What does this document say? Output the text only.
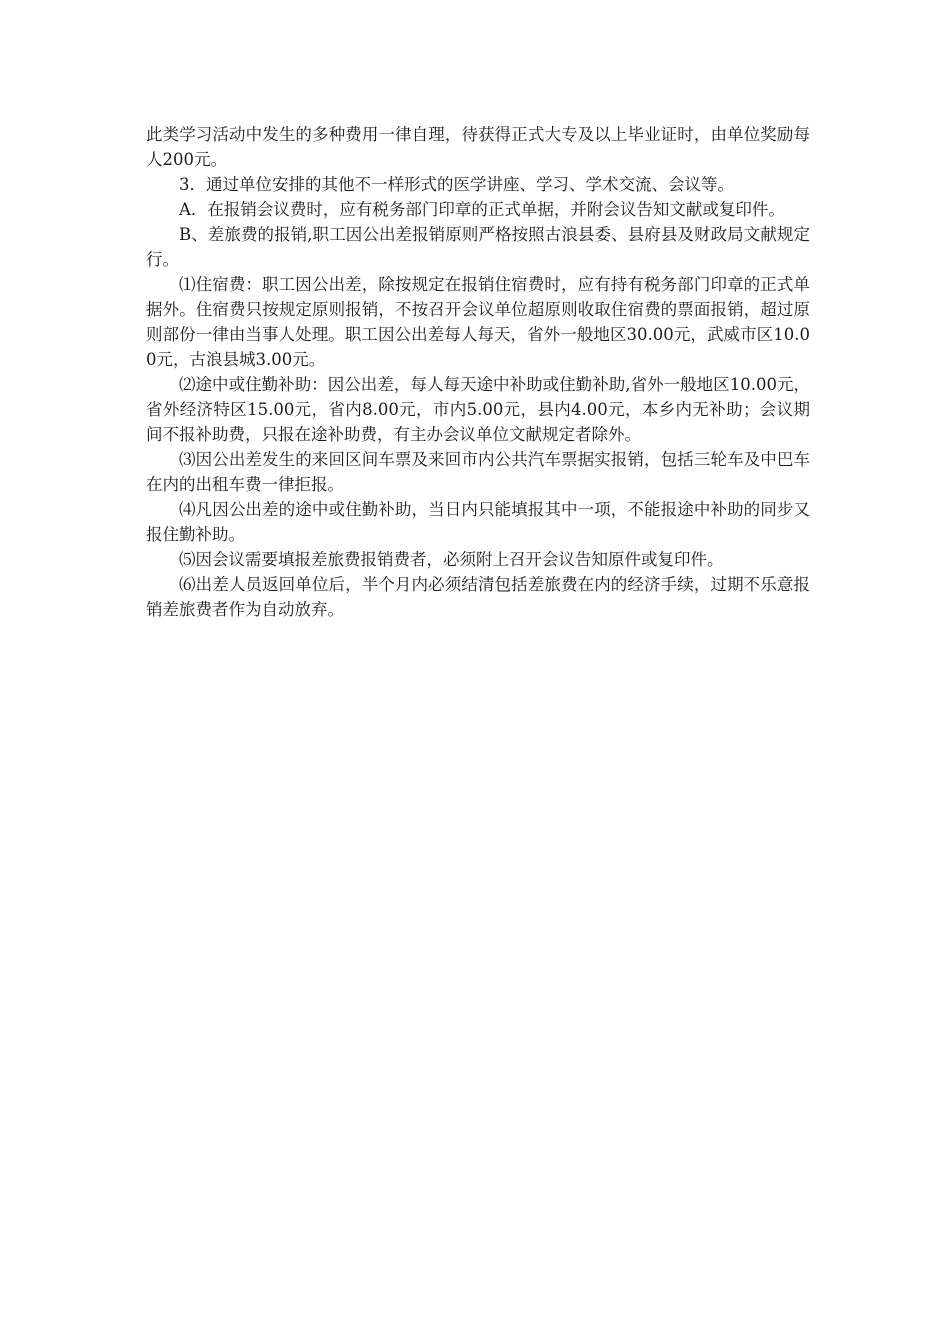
此类学习活动中发生的多种费用一律自理，待获得正式大专及以上毕业证时，由单位奖励每人200元。

3．通过单位安排的其他不一样形式的医学讲座、学习、学术交流、会议等。

A．在报销会议费时，应有税务部门印章的正式单据，并附会议告知文献或复印件。

B、差旅费的报销,职工因公出差报销原则严格按照古浪县委、县府县及财政局文献规定行。

⑴住宿费：职工因公出差，除按规定在报销住宿费时，应有持有税务部门印章的正式单据外。住宿费只按规定原则报销，不按召开会议单位超原则收取住宿费的票面报销，超过原则部份一律由当事人处理。职工因公出差每人每天，省外一般地区30.00元，武威市区10.00元，古浪县城3.00元。

⑵途中或住勤补助：因公出差，每人每天途中补助或住勤补助,省外一般地区10.00元，省外经济特区15.00元，省内8.00元，市内5.00元，县内4.00元，本乡内无补助；会议期间不报补助费，只报在途补助费，有主办会议单位文献规定者除外。

⑶因公出差发生的来回区间车票及来回市内公共汽车票据实报销，包括三轮车及中巴车在内的出租车费一律拒报。

⑷凡因公出差的途中或住勤补助，当日内只能填报其中一项，不能报途中补助的同步又报住勤补助。

⑸因会议需要填报差旅费报销费者，必须附上召开会议告知原件或复印件。

⑹出差人员返回单位后，半个月内必须结清包括差旅费在内的经济手续，过期不乐意报销差旅费者作为自动放弃。
